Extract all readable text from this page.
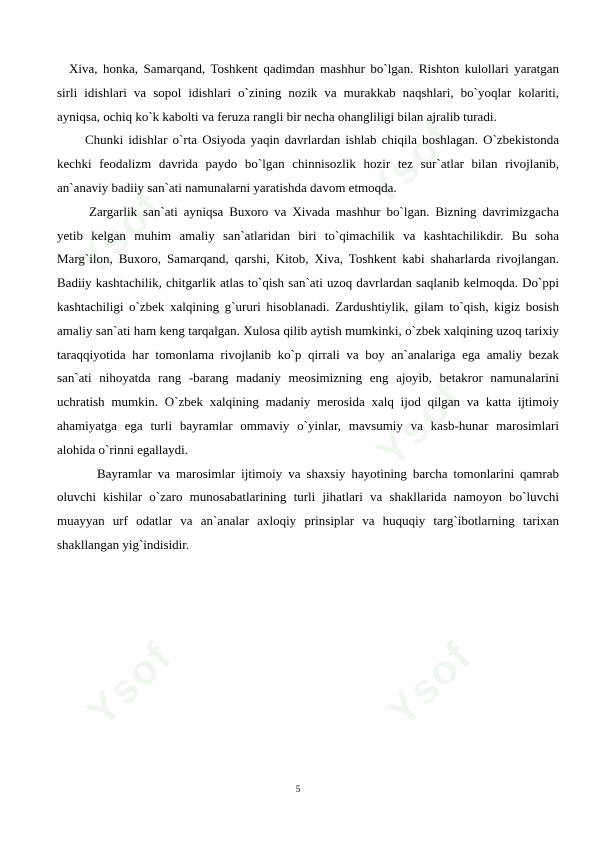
Ysof
Ysof
Ysof	Ysof
Ysof

Xiva, honka, Samarqand, Toshkent qadimdan mashhur bo`lgan. Rishton kulollari yaratgan sirli idishlari va sopol idishlari o`zining nozik va murakkab naqshlari, bo`yoqlar kolariti, ayniqsa, ochiq ko`k kabolti va feruza rangli bir necha ohangliligi bilan ajralib turadi.

Chunki idishlar o`rta Osiyoda yaqin davrlardan ishlab chiqila boshlagan. O`zbekistonda kechki feodalizm davrida paydo bo`lgan chinnisozlik hozir tez sur`atlar bilan rivojlanib, an`anaviy badiiy san`ati namunalarni yaratishda davom etmoqda.

Zargarlik san`ati ayniqsa Buxoro va Xivada mashhur bo`lgan. Bizning davrimizgacha yetib kelgan muhim amaliy san`atlaridan biri to`qimachilik va kashtachilikdir. Bu soha Marg`ilon, Buxoro, Samarqand, qarshi, Kitob, Xiva, Toshkent kabi shaharlarda rivojlangan. Badiiy kashtachilik, chitgarlik atlas to`qish san`ati uzoq davrlardan saqlanib kelmoqda. Do`ppi kashtachiligi o`zbek xalqining g`ururi hisoblanadi. Zardushtiylik, gilam to`qish, kigiz bosish amaliy san`ati ham keng tarqalgan. Xulosa qilib aytish mumkinki, o`zbek xalqining uzoq tarixiy taraqqiyotida har tomonlama rivojlanib ko`p qirrali va boy an`analariga ega amaliy bezak san`ati nihoyatda rang -barang madaniy meosimizning eng ajoyib, betakror namunalarini uchratish mumkin. O`zbek xalqining madaniy merosida xalq ijod qilgan va katta ijtimoiy ahamiyatga ega turli bayramlar ommaviy o`yinlar, mavsumiy va kasb-hunar marosimlari alohida o`rinni egallaydi.

Bayramlar va marosimlar ijtimoiy va shaxsiy hayotining barcha tomonlarini qamrab oluvchi kishilar o`zaro munosabatlarining turli jihatlari va shakllarida namoyon bo`luvchi muayyan urf odatlar va an`analar axloqiy prinsiplar va huquqiy targ`ibotlarning tarixan shakllangan yig`indisidir.

5
